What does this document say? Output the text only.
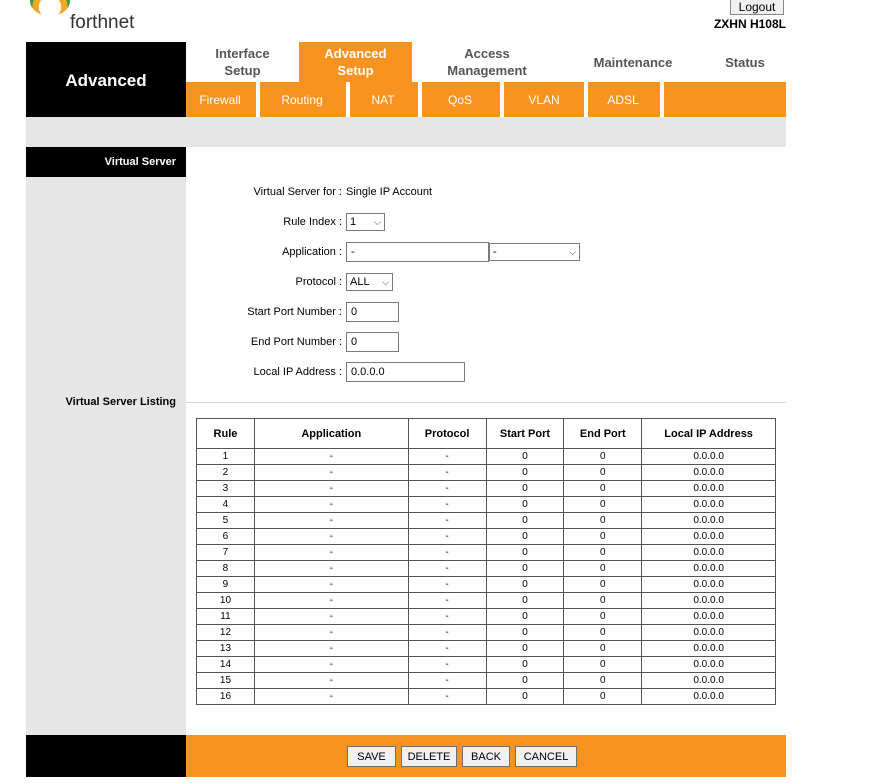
forthnet
Logout
ZXHN H108L
Advanced
Interface
Setup
Advanced
Setup
Access
Management
Maintenance	Status
Firewall	Routing	NAT	QoS	VLAN	ADSL
Virtual Server
Virtual Server Listing
Virtual Server for : Single IP Account
Rule Index : 1 ⌵
Application :
-	-	⌵
Protocol : ALL ⌵
Start Port Number :
0
End Port Number :
0
Local IP Address :
0.0.0.0
Rule	Application	Protocol	Start Port	End Port	Local IP Address
1	-	-	0	0	0.0.0.0
2	-	-	0	0	0.0.0.0
3	-	-	0	0	0.0.0.0
4	-	-	0	0	0.0.0.0
5	-	-	0	0	0.0.0.0
6	-	-	0	0	0.0.0.0
7	-	-	0	0	0.0.0.0
8	-	-	0	0	0.0.0.0
9	-	-	0	0	0.0.0.0
10	-	-	0	0	0.0.0.0
11	-	-	0	0	0.0.0.0
12	-	-	0	0	0.0.0.0
13	-	-	0	0	0.0.0.0
14	-	-	0	0	0.0.0.0
15	-	-	0	0	0.0.0.0
16	-	-	0	0	0.0.0.0
SAVE	DELETE	BACK	CANCEL
